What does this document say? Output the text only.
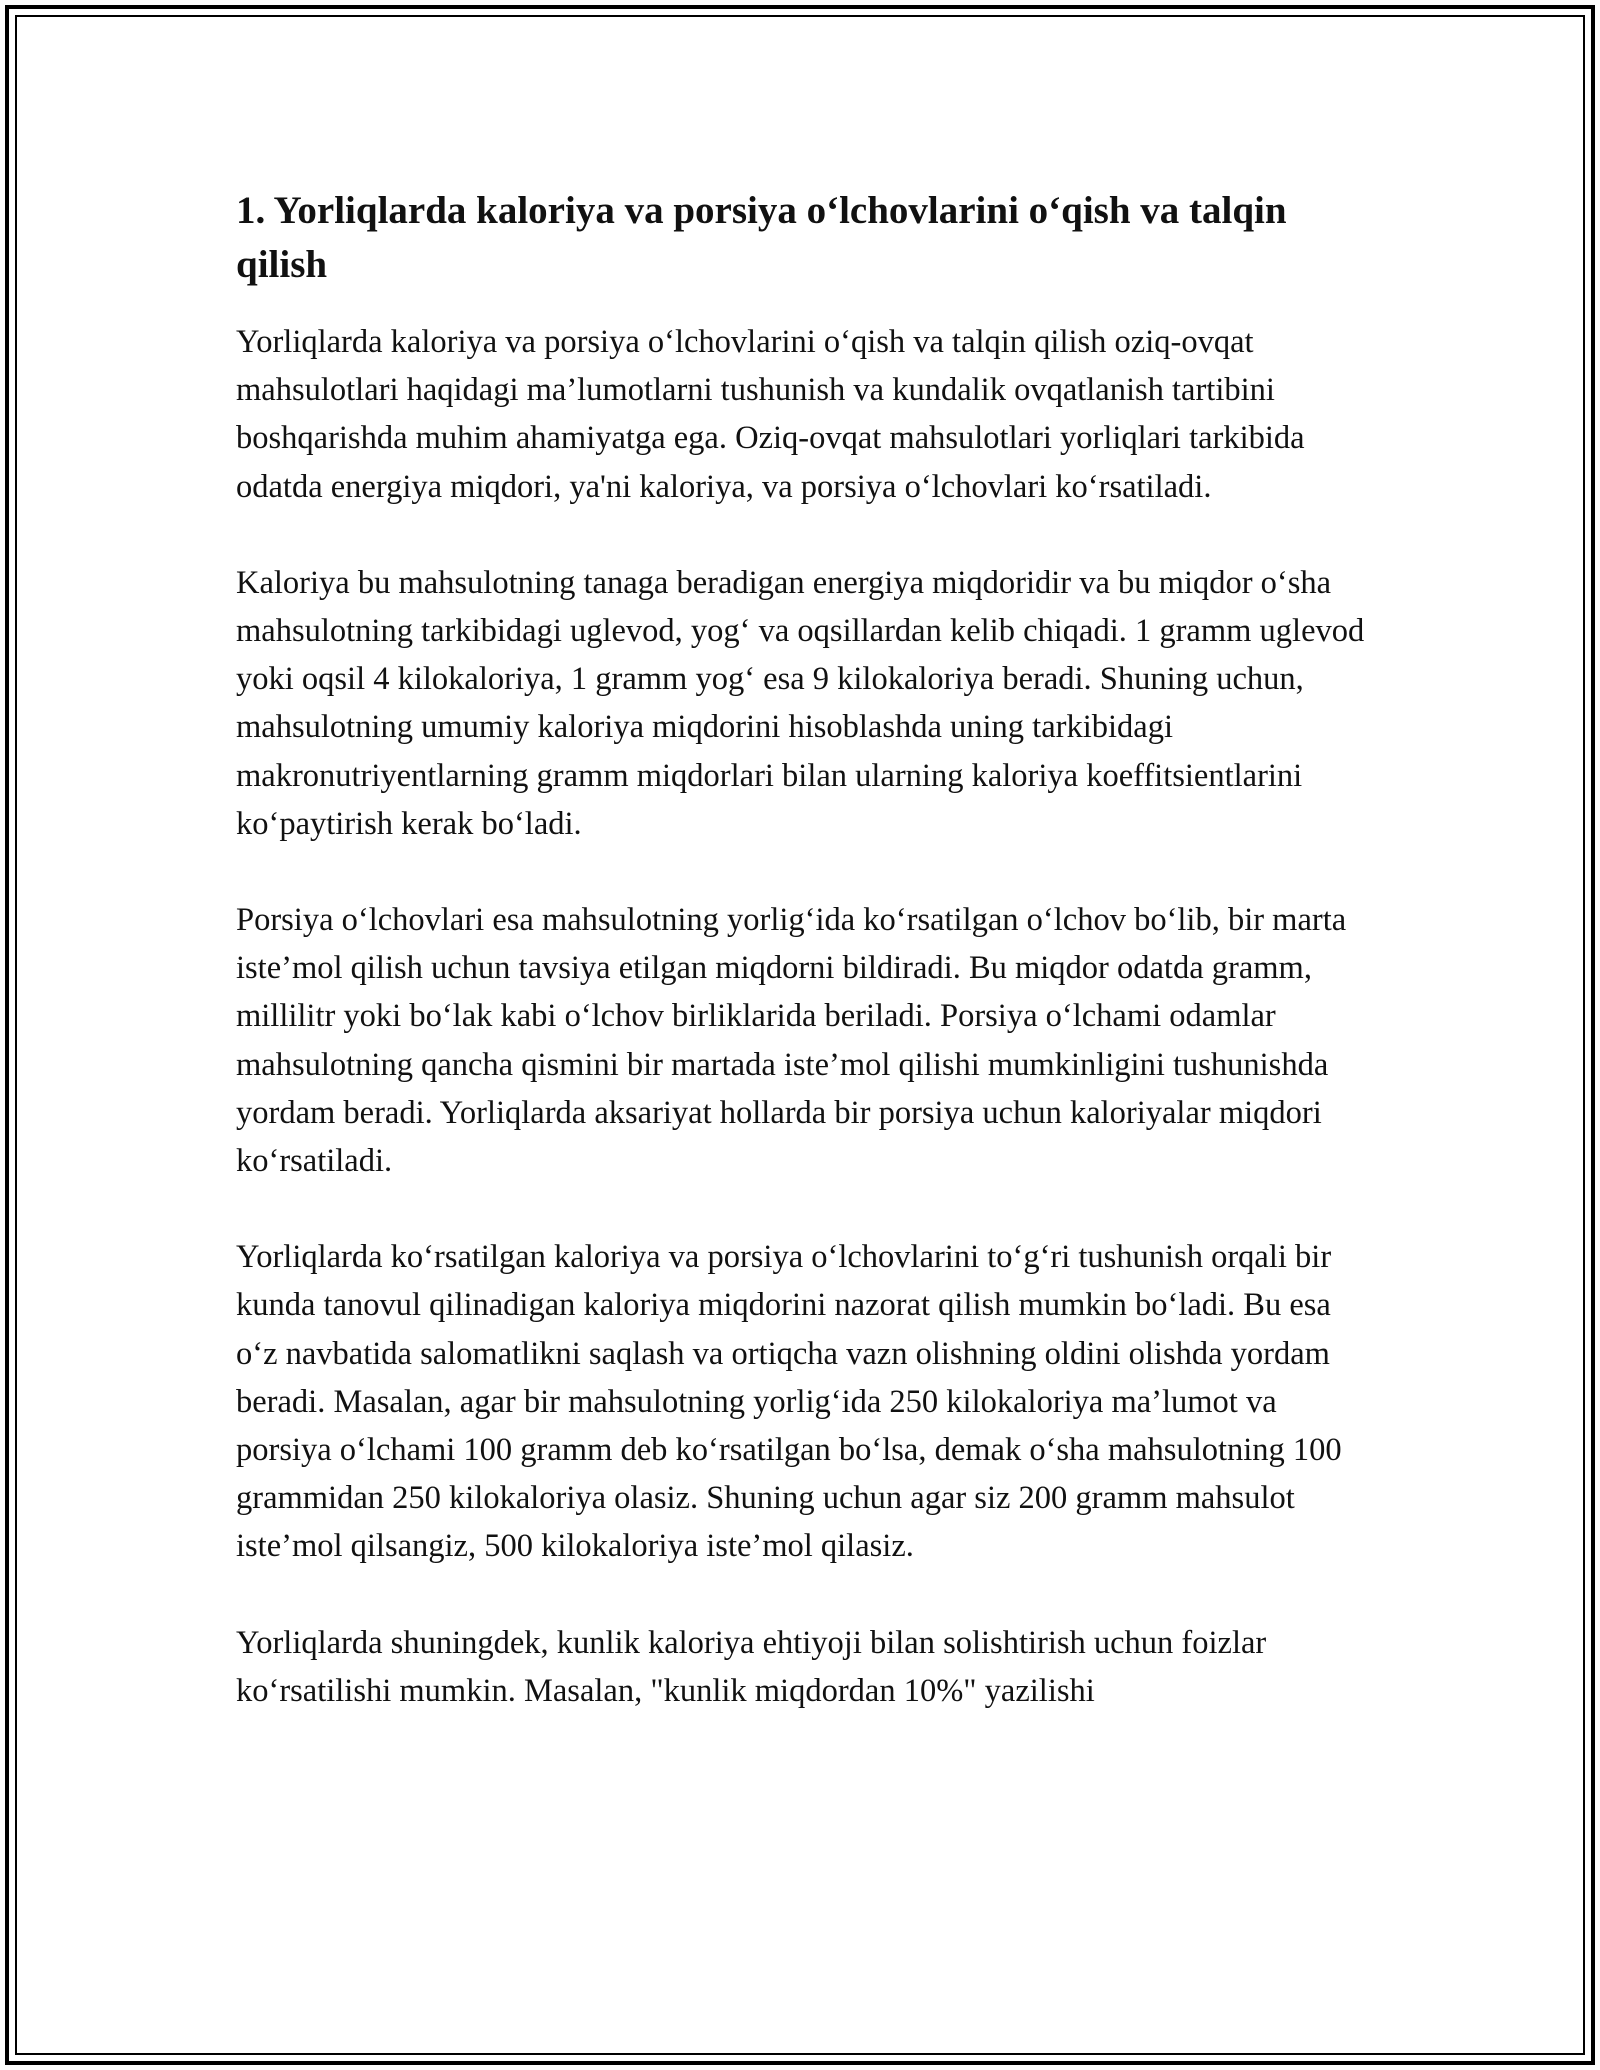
1. Yorliqlarda kaloriya va porsiya o‘lchovlarini o‘qish va talqin qilish

Yorliqlarda kaloriya va porsiya o‘lchovlarini o‘qish va talqin qilish oziq-ovqat mahsulotlari haqidagi ma’lumotlarni tushunish va kundalik ovqatlanish tartibini boshqarishda muhim ahamiyatga ega. Oziq-ovqat mahsulotlari yorliqlari tarkibida odatda energiya miqdori, ya'ni kaloriya, va porsiya o‘lchovlari ko‘rsatiladi.

Kaloriya bu mahsulotning tanaga beradigan energiya miqdoridir va bu miqdor o‘sha mahsulotning tarkibidagi uglevod, yog‘ va oqsillardan kelib chiqadi. 1 gramm uglevod yoki oqsil 4 kilokaloriya, 1 gramm yog‘ esa 9 kilokaloriya beradi. Shuning uchun, mahsulotning umumiy kaloriya miqdorini hisoblashda uning tarkibidagi makronutriyentlarning gramm miqdorlari bilan ularning kaloriya koeffitsientlarini ko‘paytirish kerak bo‘ladi.

Porsiya o‘lchovlari esa mahsulotning yorlig‘ida ko‘rsatilgan o‘lchov bo‘lib, bir marta iste’mol qilish uchun tavsiya etilgan miqdorni bildiradi. Bu miqdor odatda gramm, millilitr yoki bo‘lak kabi o‘lchov birliklarida beriladi. Porsiya o‘lchami odamlar mahsulotning qancha qismini bir martada iste’mol qilishi mumkinligini tushunishda yordam beradi. Yorliqlarda aksariyat hollarda bir porsiya uchun kaloriyalar miqdori ko‘rsatiladi.

Yorliqlarda ko‘rsatilgan kaloriya va porsiya o‘lchovlarini to‘g‘ri tushunish orqali bir kunda tanovul qilinadigan kaloriya miqdorini nazorat qilish mumkin bo‘ladi. Bu esa o‘z navbatida salomatlikni saqlash va ortiqcha vazn olishning oldini olishda yordam beradi. Masalan, agar bir mahsulotning yorlig‘ida 250 kilokaloriya ma’lumot va porsiya o‘lchami 100 gramm deb ko‘rsatilgan bo‘lsa, demak o‘sha mahsulotning 100 grammidan 250 kilokaloriya olasiz. Shuning uchun agar siz 200 gramm mahsulot iste’mol qilsangiz, 500 kilokaloriya iste’mol qilasiz.

Yorliqlarda shuningdek, kunlik kaloriya ehtiyoji bilan solishtirish uchun foizlar ko‘rsatilishi mumkin. Masalan, "kunlik miqdordan 10%" yazilishi
